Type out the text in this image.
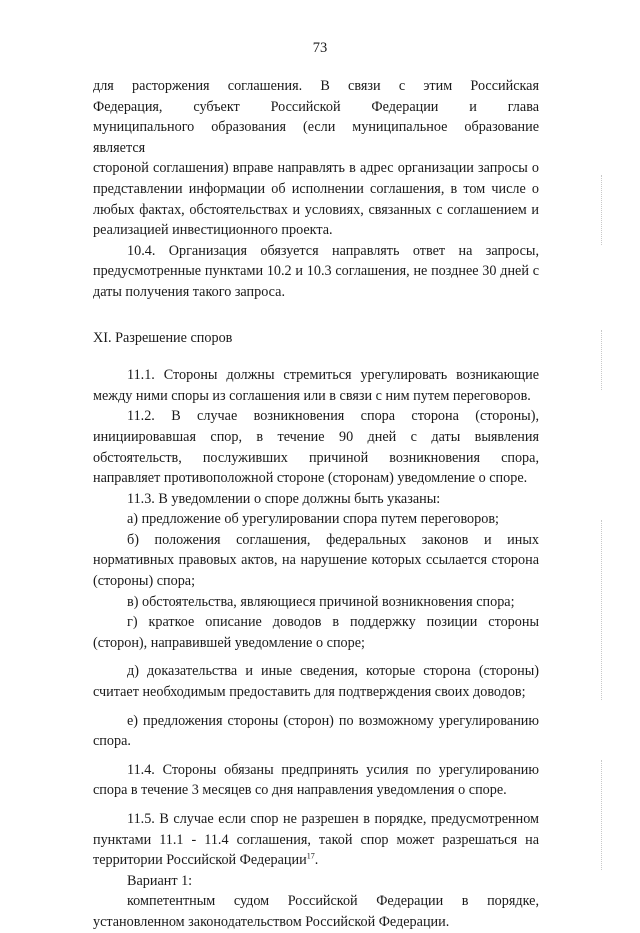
73

для расторжения соглашения. В связи с этим Российская

Федерация, субъект Российской Федерации и глава

муниципального образования (если муниципальное образование является

стороной соглашения) вправе направлять в адрес организации запросы о

представлении информации об исполнении соглашения, в том числе о

любых фактах, обстоятельствах и условиях, связанных с соглашением и

реализацией инвестиционного проекта.

10.4. Организация обязуется направлять ответ на запросы, предусмотренные пунктами 10.2 и 10.3 соглашения, не позднее 30 дней с даты получения такого запроса.

XI. Разрешение споров

11.1. Стороны должны стремиться урегулировать возникающие между ними споры из соглашения или в связи с ним путем переговоров.

11.2. В случае возникновения спора сторона (стороны), инициировавшая спор, в течение 90 дней с даты выявления обстоятельств, послуживших причиной возникновения спора, направляет противоположной стороне (сторонам) уведомление о споре.

11.3. В уведомлении о споре должны быть указаны:

а) предложение об урегулировании спора путем переговоров;

б) положения соглашения, федеральных законов и иных нормативных правовых актов, на нарушение которых ссылается сторона (стороны) спора;

в) обстоятельства, являющиеся причиной возникновения спора;

г) краткое описание доводов в поддержку позиции стороны (сторон), направившей уведомление о споре;

д) доказательства и иные сведения, которые сторона (стороны) считает необходимым предоставить для подтверждения своих доводов;

е) предложения стороны (сторон) по возможному урегулированию спора.

11.4. Стороны обязаны предпринять усилия по урегулированию спора в течение 3 месяцев со дня направления уведомления о споре.

11.5. В случае если спор не разрешен в порядке, предусмотренном пунктами 11.1 - 11.4 соглашения, такой спор может разрешаться на территории Российской Федерации$^{17}$.

Вариант 1:

компетентным судом Российской Федерации в порядке, установленном законодательством Российской Федерации.
